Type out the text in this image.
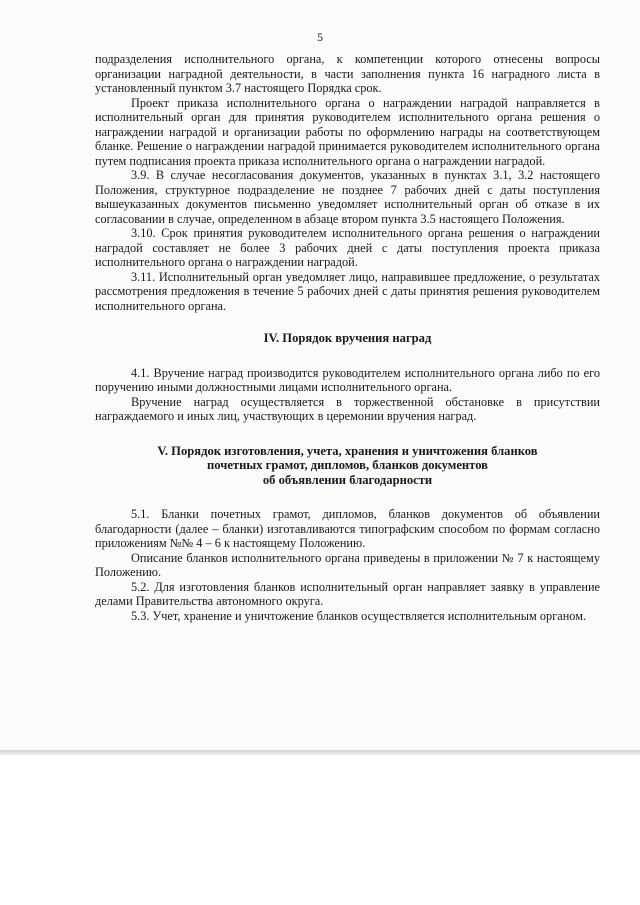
5

подразделения исполнительного органа, к компетенции которого отнесены вопросы организации наградной деятельности, в части заполнения пункта 16 наградного листа в установленный пунктом 3.7 настоящего Порядка срок.

Проект приказа исполнительного органа о награждении наградой направляется в исполнительный орган для принятия руководителем исполнительного органа решения о награждении наградой и организации работы по оформлению награды на соответствующем бланке. Решение о награждении наградой принимается руководителем исполнительного органа путем подписания проекта приказа исполнительного органа о награждении наградой.

3.9. В случае несогласования документов, указанных в пунктах 3.1, 3.2 настоящего Положения, структурное подразделение не позднее 7 рабочих дней с даты поступления вышеуказанных документов письменно уведомляет исполнительный орган об отказе в их согласовании в случае, определенном в абзаце втором пункта 3.5 настоящего Положения.

3.10. Срок принятия руководителем исполнительного органа решения о награждении наградой составляет не более 3 рабочих дней с даты поступления проекта приказа исполнительного органа о награждении наградой.

3.11. Исполнительный орган уведомляет лицо, направившее предложение, о результатах рассмотрения предложения в течение 5 рабочих дней с даты принятия решения руководителем исполнительного органа.

IV. Порядок вручения наград

4.1. Вручение наград производится руководителем исполнительного органа либо по его поручению иными должностными лицами исполнительного органа.

Вручение наград осуществляется в торжественной обстановке в присутствии награждаемого и иных лиц, участвующих в церемонии вручения наград.

V. Порядок изготовления, учета, хранения и уничтожения бланков
почетных грамот, дипломов, бланков документов
об объявлении благодарности

5.1. Бланки почетных грамот, дипломов, бланков документов об объявлении благодарности (далее – бланки) изготавливаются типографским способом по формам согласно приложениям №№ 4 – 6 к настоящему Положению.

Описание бланков исполнительного органа приведены в приложении № 7 к настоящему Положению.

5.2. Для изготовления бланков исполнительный орган направляет заявку в управление делами Правительства автономного округа.

5.3. Учет, хранение и уничтожение бланков осуществляется исполнительным органом.
